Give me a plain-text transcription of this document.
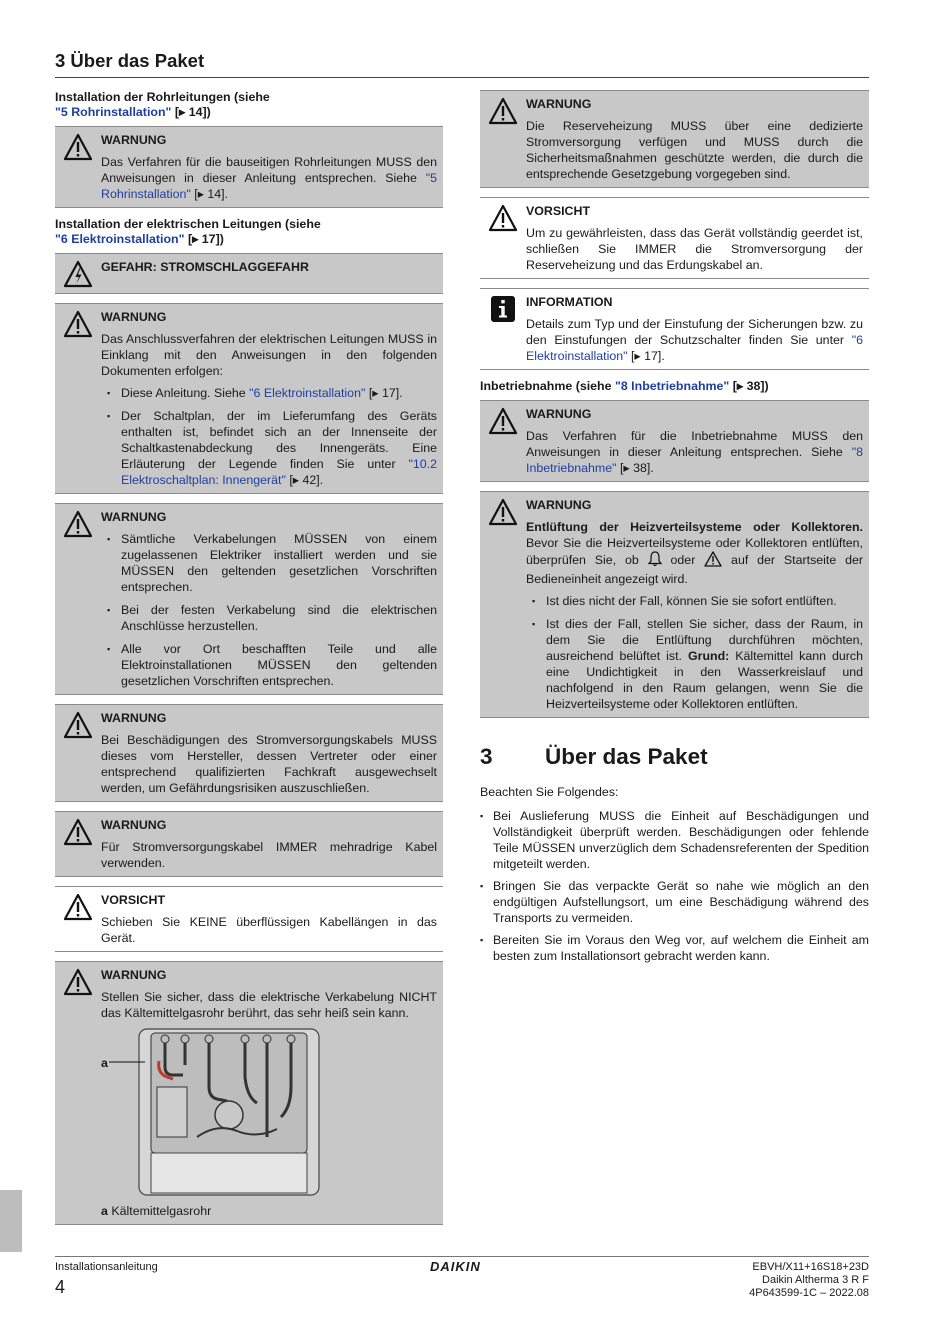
3 Über das Paket
Installation der Rohrleitungen (siehe
"5 Rohrinstallation" [▸ 14])
WARNUNG

Das Verfahren für die bauseitigen Rohrleitungen MUSS den Anweisungen in dieser Anleitung entsprechen. Siehe "5 Rohrinstallation" [▸ 14].

Installation der elektrischen Leitungen (siehe
"6 Elektroinstallation" [▸ 17])
GEFAHR: STROMSCHLAGGEFAHR
WARNUNG

Das Anschlussverfahren der elektrischen Leitungen MUSS in Einklang mit den Anweisungen in den folgenden Dokumenten erfolgen:

▪ Diese Anleitung. Siehe "6 Elektroinstallation" [▸ 17].
▪ Der Schaltplan, der im Lieferumfang des Geräts enthalten ist, befindet sich an der Innenseite der Schaltkastenabdeckung des Innengeräts. Eine Erläuterung der Legende finden Sie unter "10.2 Elektroschaltplan: Innengerät" [▸ 42].
WARNUNG
▪ Sämtliche Verkabelungen MÜSSEN von einem zugelassenen Elektriker installiert werden und sie MÜSSEN den geltenden gesetzlichen Vorschriften entsprechen.
▪ Bei der festen Verkabelung sind die elektrischen Anschlüsse herzustellen.
▪ Alle vor Ort beschafften Teile und alle Elektroinstallationen MÜSSEN den geltenden gesetzlichen Vorschriften entsprechen.
WARNUNG

Bei Beschädigungen des Stromversorgungskabels MUSS dieses vom Hersteller, dessen Vertreter oder einer entsprechend qualifizierten Fachkraft ausgewechselt werden, um Gefährdungsrisiken auszuschließen.

WARNUNG

Für Stromversorgungskabel IMMER mehradrige Kabel verwenden.

VORSICHT

Schieben Sie KEINE überflüssigen Kabellängen in das Gerät.

WARNUNG

Stellen Sie sicher, dass die elektrische Verkabelung NICHT das Kältemittelgasrohr berührt, das sehr heiß sein kann.

a
a Kältemittelgasrohr
WARNUNG

Die Reserveheizung MUSS über eine dedizierte Stromversorgung verfügen und MUSS durch die Sicherheitsmaßnahmen geschützte werden, die durch die entsprechende Gesetzgebung vorgegeben sind.

VORSICHT

Um zu gewährleisten, dass das Gerät vollständig geerdet ist, schließen Sie IMMER die Stromversorgung der Reserveheizung und das Erdungskabel an.

INFORMATION

Details zum Typ und der Einstufung der Sicherungen bzw. zu den Einstufungen der Schutzschalter finden Sie unter "6 Elektroinstallation" [▸ 17].

Inbetriebnahme (siehe "8 Inbetriebnahme" [▸ 38])
WARNUNG

Das Verfahren für die Inbetriebnahme MUSS den Anweisungen in dieser Anleitung entsprechen. Siehe "8 Inbetriebnahme" [▸ 38].

WARNUNG

Entlüftung der Heizverteilsysteme oder Kollektoren. Bevor Sie die Heizverteilsysteme oder Kollektoren entlüften, überprüfen Sie, ob  oder  auf der Startseite der Bedieneinheit angezeigt wird.

▪ Ist dies nicht der Fall, können Sie sie sofort entlüften.
▪ Ist dies der Fall, stellen Sie sicher, dass der Raum, in dem Sie die Entlüftung durchführen möchten, ausreichend belüftet ist. Grund: Kältemittel kann durch eine Undichtigkeit in den Wasserkreislauf und nachfolgend in den Raum gelangen, wenn Sie die Heizverteilsysteme oder Kollektoren entlüften.
3	Über das Paket

Beachten Sie Folgendes:

▪ Bei Auslieferung MUSS die Einheit auf Beschädigungen und Vollständigkeit überprüft werden. Beschädigungen oder fehlende Teile MÜSSEN unverzüglich dem Schadensreferenten der Spedition mitgeteilt werden.
▪ Bringen Sie das verpackte Gerät so nahe wie möglich an den endgültigen Aufstellungsort, um eine Beschädigung während des Transports zu vermeiden.
▪ Bereiten Sie im Voraus den Weg vor, auf welchem die Einheit am besten zum Installationsort gebracht werden kann.
Installationsanleitung
4
DAIKIN	EBVH/X11+16S18+23D
Daikin Altherma 3 R F
4P643599-1C – 2022.08
